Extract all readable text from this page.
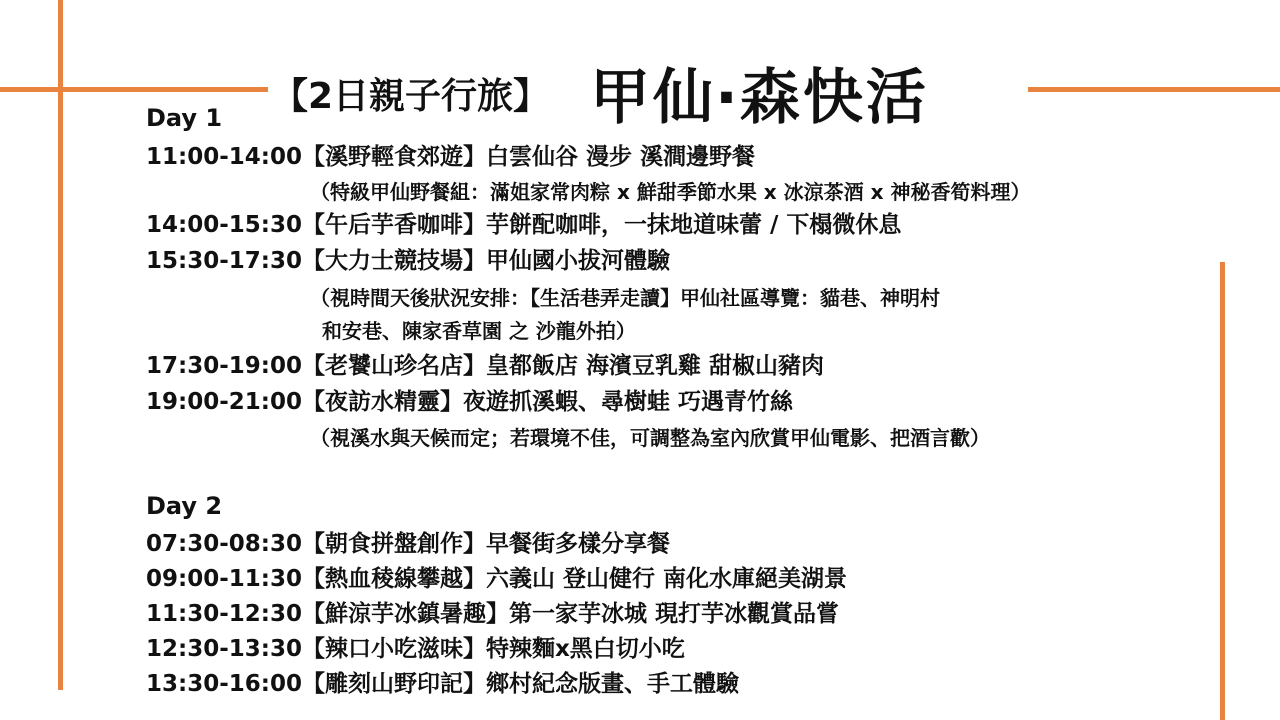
【2日親子行旅】 甲仙‧森快活
Day 1
11:00-14:00【溪野輕食郊遊】白雲仙谷 漫步 溪澗邊野餐
（特級甲仙野餐組：滿姐家常肉粽 x 鮮甜季節水果 x 冰涼茶酒 x 神秘香筍料理）
14:00-15:30【午后芋香咖啡】芋餅配咖啡，一抹地道味蕾 / 下榻微休息
15:30-17:30【大力士競技場】甲仙國小拔河體驗
（視時間天後狀況安排：【生活巷弄走讀】甲仙社區導覽：貓巷、神明村
和安巷、陳家香草園 之 沙龍外拍）
17:30-19:00【老饕山珍名店】皇都飯店 海濱豆乳雞 甜椒山豬肉
19:00-21:00【夜訪水精靈】夜遊抓溪蝦、尋樹蛙 巧遇青竹絲
（視溪水與天候而定；若環境不佳，可調整為室內欣賞甲仙電影、把酒言歡）
Day 2
07:30-08:30【朝食拼盤創作】早餐街多樣分享餐
09:00-11:30【熱血稜線攀越】六義山 登山健行 南化水庫絕美湖景
11:30-12:30【鮮涼芋冰鎮暑趣】第一家芋冰城 現打芋冰觀賞品嘗
12:30-13:30【辣口小吃滋味】特辣麵x黑白切小吃
13:30-16:00【雕刻山野印記】鄉村紀念版畫、手工體驗
